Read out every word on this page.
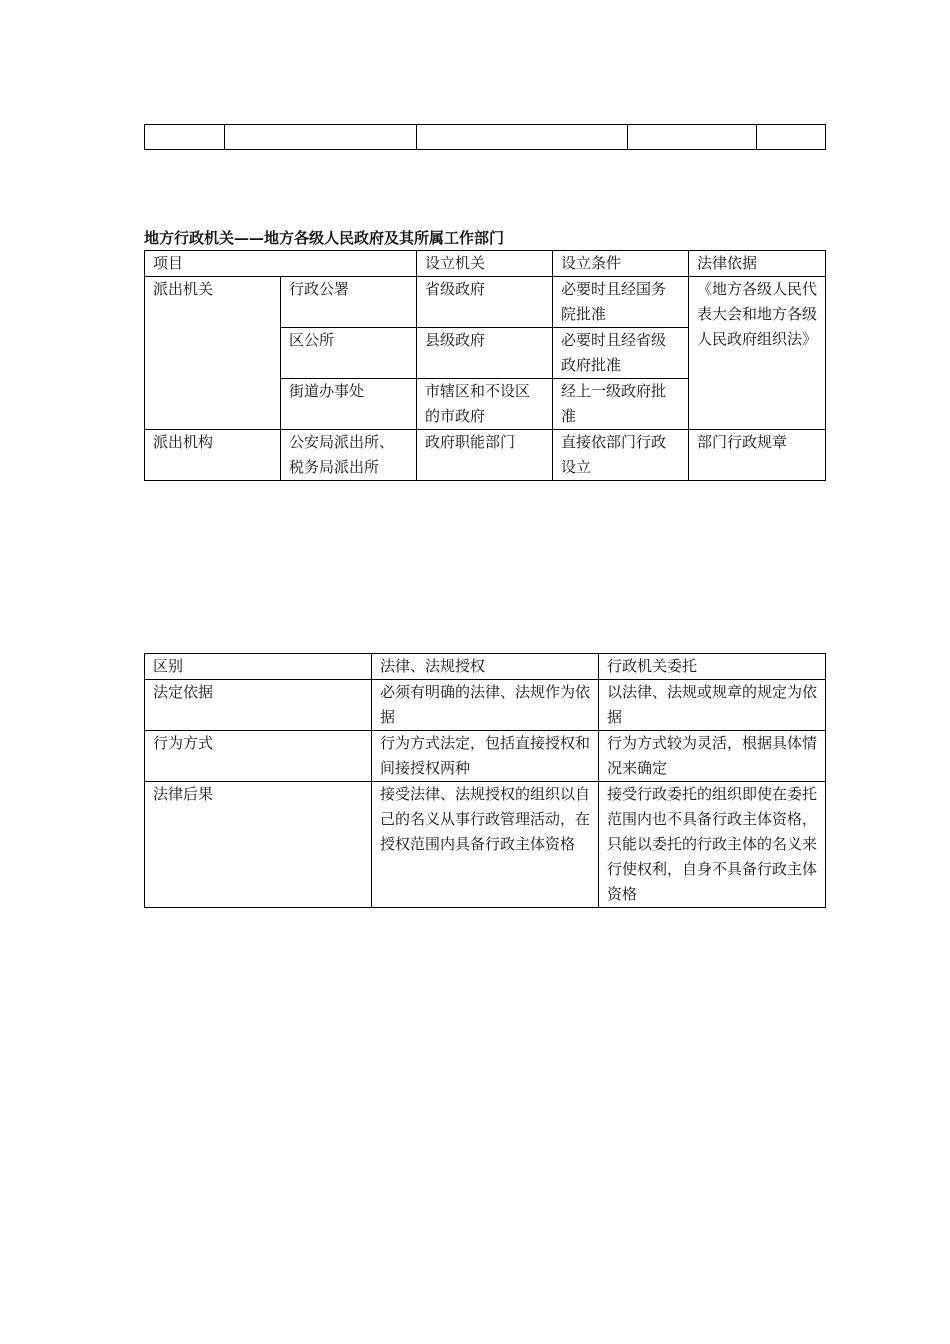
地方行政机关——地方各级人民政府及其所属工作部门
项目		设立机关	设立条件	法律依据
派出机关	行政公署	省级政府	必要时且经国务院批准	《地方各级人民代表大会和地方各级人民政府组织法》
	区公所	县级政府	必要时且经省级政府批准	
	街道办事处	市辖区和不设区的市政府	经上一级政府批准	
派出机构	公安局派出所、税务局派出所	政府职能部门	直接依部门行政设立	部门行政规章
区别	法律、法规授权	行政机关委托
法定依据	必须有明确的法律、法规作为依据	以法律、法规或规章的规定为依据
行为方式	行为方式法定，包括直接授权和间接授权两种	行为方式较为灵活，根据具体情况来确定
法律后果	接受法律、法规授权的组织以自己的名义从事行政管理活动，在授权范围内具备行政主体资格	接受行政委托的组织即使在委托范围内也不具备行政主体资格，只能以委托的行政主体的名义来行使权利，自身不具备行政主体资格
